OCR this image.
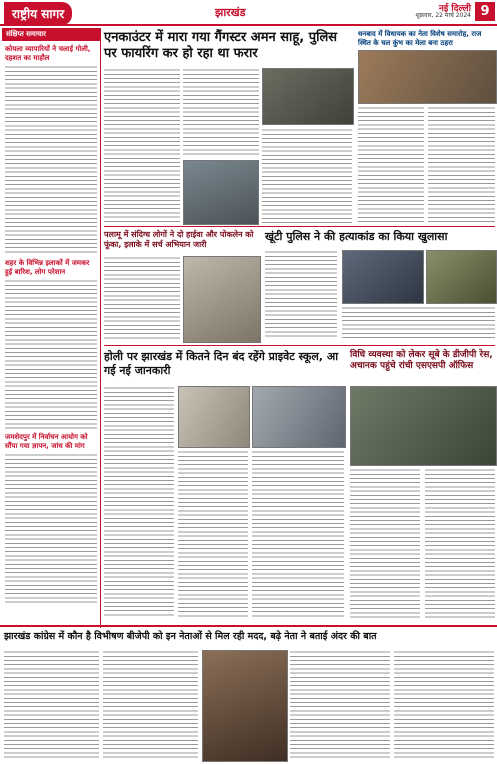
राष्ट्रीय सागर	झारखंड	नई दिल्ली
शुक्रवार, 22 मार्च 2024 9
संक्षिप्त समाचार
कोयला व्यापारियों ने चलाई गोली, दहशत का माहौल
शहर के विभिन्न इलाकों में जमकर हुई बारिश, लोग परेशान
जमशेदपुर में निर्वाचन आयोग को सौंपा गया ज्ञापन, जांच की मांग
एनकाउंटर में मारा गया गैंगस्टर अमन साहू, पुलिस पर फायरिंग कर हो रहा था फरार
धनबाद में विधायक का नेता विशेष समारोह, राज स्थित के चल कुंभ का मेला बना ठहरा
पलामू में संदिग्ध लोगों ने दो हाईवा और पोकलेन को फूंका, इलाके में सर्च अभियान जारी
खूंटी पुलिस ने की हत्याकांड का किया खुलासा
होली पर झारखंड में कितने दिन बंद रहेंगे प्राइवेट स्कूल, आ गई नई जानकारी
विधि व्यवस्था को लेकर सूबे के डीजीपी रेस, अचानक पहुंचे रांची एसएसपी ऑफिस
झारखंड कांग्रेस में कौन है विभीषण बीजेपी को इन नेताओं से मिल रही मदद, बढ़े नेता ने बताई अंदर की बात
